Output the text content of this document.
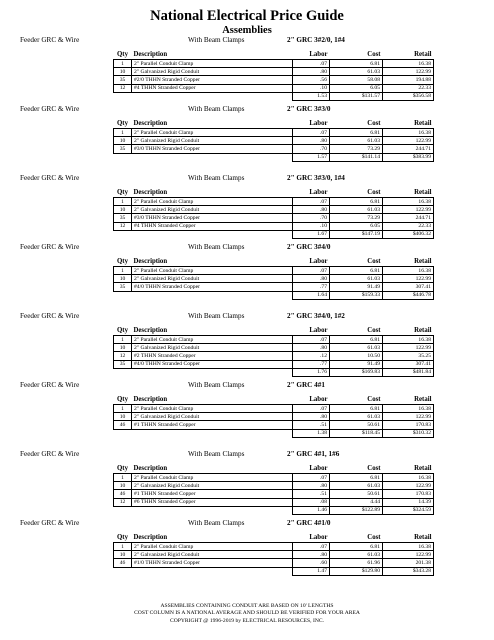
National Electrical Price Guide
Assemblies
Feeder GRC & Wire	With Beam Clamps	2" GRC 3#2/0, 1#4
Qty	Description	Labor	Cost	Retail
1	2" Parallel Conduit Clamp	.07	6.81	16.38
10	2" Galvanized Rigid Conduit	.80	61.03	122.99
35	#2/0 THHN Stranded Copper	.56	58.08	194.88
12	#4 THHN Stranded Copper	.10	6.05	22.33
		1.53	$131.57	$356.58
Feeder GRC & Wire	With Beam Clamps	2" GRC 3#3/0
Qty	Description	Labor	Cost	Retail
1	2" Parallel Conduit Clamp	.07	6.81	16.38
10	2" Galvanized Rigid Conduit	.80	61.03	122.99
35	#3/0 THHN Stranded Copper	.70	73.29	244.71
		1.57	$141.14	$383.99
Feeder GRC & Wire	With Beam Clamps	2" GRC 3#3/0, 1#4
Qty	Description	Labor	Cost	Retail
1	2" Parallel Conduit Clamp	.07	6.81	16.38
10	2" Galvanized Rigid Conduit	.80	61.03	122.99
35	#3/0 THHN Stranded Copper	.70	73.29	244.71
12	#4 THHN Stranded Copper	.10	6.05	22.33
		1.67	$147.19	$406.32
Feeder GRC & Wire	With Beam Clamps	2" GRC 3#4/0
Qty	Description	Labor	Cost	Retail
1	2" Parallel Conduit Clamp	.07	6.81	16.38
10	2" Galvanized Rigid Conduit	.80	61.03	122.99
35	#4/0 THHN Stranded Copper	.77	91.49	307.41
		1.64	$159.33	$446.78
Feeder GRC & Wire	With Beam Clamps	2" GRC 3#4/0, 1#2
Qty	Description	Labor	Cost	Retail
1	2" Parallel Conduit Clamp	.07	6.81	16.38
10	2" Galvanized Rigid Conduit	.80	61.03	122.99
12	#2 THHN Stranded Copper	.12	10.50	35.25
35	#4/0 THHN Stranded Copper	.77	91.49	307.41
		1.76	$169.83	$481.84
Feeder GRC & Wire	With Beam Clamps	2" GRC 4#1
Qty	Description	Labor	Cost	Retail
1	2" Parallel Conduit Clamp	.07	6.81	16.38
10	2" Galvanized Rigid Conduit	.80	61.03	122.99
46	#1 THHN Stranded Copper	.51	50.61	170.83
		1.38	$118.45	$310.32
Feeder GRC & Wire	With Beam Clamps	2" GRC 4#1, 1#6
Qty	Description	Labor	Cost	Retail
1	2" Parallel Conduit Clamp	.07	6.81	16.38
10	2" Galvanized Rigid Conduit	.80	61.03	122.99
46	#1 THHN Stranded Copper	.51	50.61	170.83
12	#6 THHN Stranded Copper	.08	4.44	14.39
		1.46	$122.89	$324.59
Feeder GRC & Wire	With Beam Clamps	2" GRC 4#1/0
Qty	Description	Labor	Cost	Retail
1	2" Parallel Conduit Clamp	.07	6.81	16.38
10	2" Galvanized Rigid Conduit	.80	61.03	122.99
46	#1/0 THHN Stranded Copper	.60	61.96	201.38
		1.47	$129.80	$343.28
ASSEMBLIES CONTAINING CONDUIT ARE BASED ON 10' LENGTHS
COST COLUMN IS A NATIONAL AVERAGE AND SHOULD BE VERIFIED FOR YOUR AREA
COPYRIGHT @ 1996-2019 by ELECTRICAL RESOURCES, INC.
